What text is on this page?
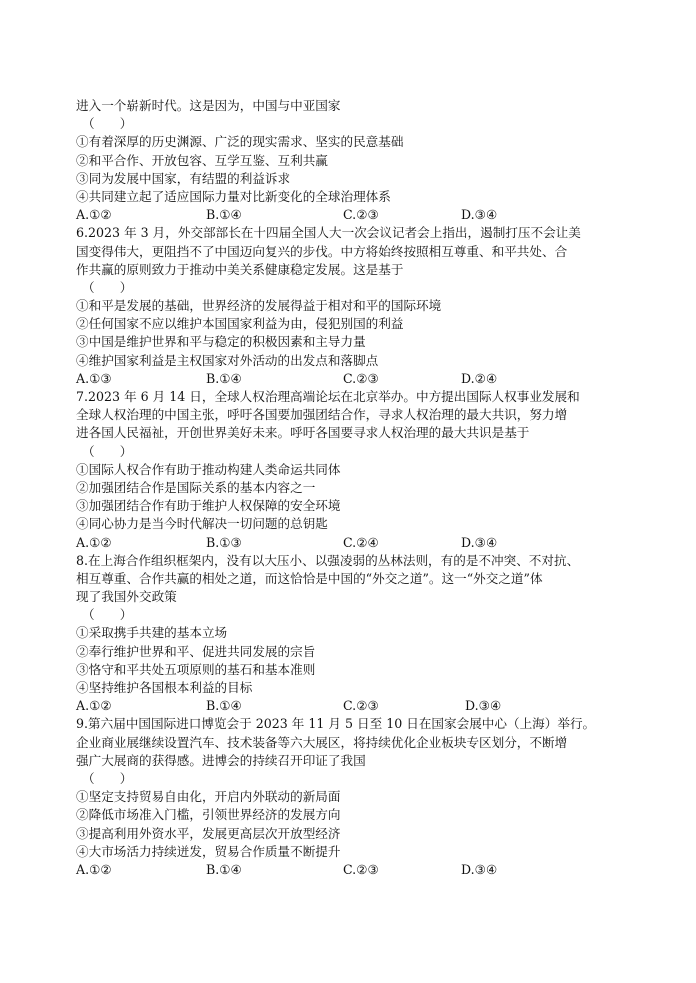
进入一个崭新时代。这是因为，中国与中亚国家
（　　）
①有着深厚的历史渊源、广泛的现实需求、坚实的民意基础
②和平合作、开放包容、互学互鉴、互利共赢
③同为发展中国家，有结盟的利益诉求
④共同建立起了适应国际力量对比新变化的全球治理体系
A.①②	B.①④	C.②③	D.③④
6.2023 年 3 月，外交部部长在十四届全国人大一次会议记者会上指出，遏制打压不会让美
国变得伟大，更阻挡不了中国迈向复兴的步伐。中方将始终按照相互尊重、和平共处、合
作共赢的原则致力于推动中美关系健康稳定发展。这是基于
（　　）
①和平是发展的基础，世界经济的发展得益于相对和平的国际环境
②任何国家不应以维护本国国家利益为由，侵犯别国的利益
③中国是维护世界和平与稳定的积极因素和主导力量
④维护国家利益是主权国家对外活动的出发点和落脚点
A.①③	B.①④	C.②③	D.②④
7.2023 年 6 月 14 日，全球人权治理高端论坛在北京举办。中方提出国际人权事业发展和
全球人权治理的中国主张，呼吁各国要加强团结合作，寻求人权治理的最大共识，努力增
进各国人民福祉，开创世界美好未来。呼吁各国要寻求人权治理的最大共识是基于
（　　）
①国际人权合作有助于推动构建人类命运共同体
②加强团结合作是国际关系的基本内容之一
③加强团结合作有助于维护人权保障的安全环境
④同心协力是当今时代解决一切问题的总钥匙
A.①②	B.①③	C.②④	D.③④
8.在上海合作组织框架内，没有以大压小、以强凌弱的丛林法则，有的是不冲突、不对抗、
相互尊重、合作共赢的相处之道，而这恰恰是中国的“外交之道”。这一“外交之道”体
现了我国外交政策
（　　）
①采取携手共建的基本立场
②奉行维护世界和平、促进共同发展的宗旨
③恪守和平共处五项原则的基石和基本准则
④坚持维护各国根本利益的目标
A.①②	B.①④	C.②③	D.③④
9.第六届中国国际进口博览会于 2023 年 11 月 5 日至 10 日在国家会展中心（上海）举行。
企业商业展继续设置汽车、技术装备等六大展区，将持续优化企业板块专区划分，不断增
强广大展商的获得感。进博会的持续召开印证了我国
（　　）
①坚定支持贸易自由化，开启内外联动的新局面
②降低市场准入门槛，引领世界经济的发展方向
③提高利用外资水平，发展更高层次开放型经济
④大市场活力持续迸发，贸易合作质量不断提升
A.①②	B.①④	C.②③	D.③④
